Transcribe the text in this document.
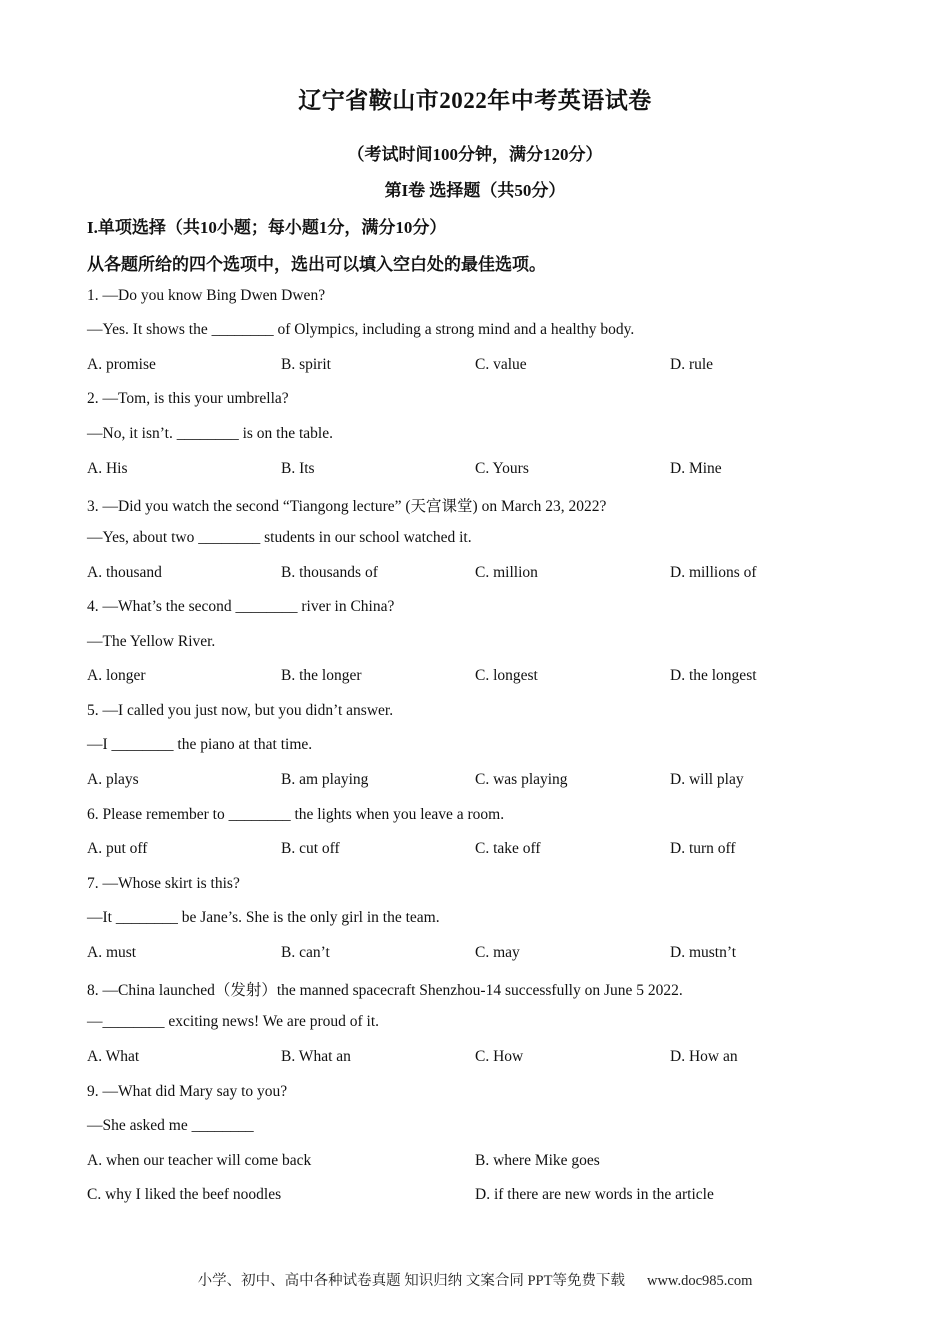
辽宁省鞍山市2022年中考英语试卷
（考试时间100分钟，满分120分）
第I卷 选择题（共50分）
I.单项选择（共10小题；每小题1分，满分10分）
从各题所给的四个选项中，选出可以填入空白处的最佳选项。
1. —Do you know Bing Dwen Dwen?
—Yes. It shows the ________ of Olympics, including a strong mind and a healthy body.
A. promise	B. spirit	C. value	D. rule
2. —Tom, is this your umbrella?
—No, it isn’t. ________ is on the table.
A. His	B. Its	C. Yours	D. Mine
3. —Did you watch the second “Tiangong lecture” (天宫课堂) on March 23, 2022?
—Yes, about two ________ students in our school watched it.
A. thousand	B. thousands of	C. million	D. millions of
4. —What’s the second ________ river in China?
—The Yellow River.
A. longer	B. the longer	C. longest	D. the longest
5. —I called you just now, but you didn’t answer.
—I ________ the piano at that time.
A. plays	B. am playing	C. was playing	D. will play
6. Please remember to ________ the lights when you leave a room.
A. put off	B. cut off	C. take off	D. turn off
7. —Whose skirt is this?
—It ________ be Jane’s. She is the only girl in the team.
A. must	B. can’t	C. may	D. mustn’t
8. —China launched（发射）the manned spacecraft Shenzhou-14 successfully on June 5 2022.
—________ exciting news! We are proud of it.
A. What	B. What an	C. How	D. How an
9. —What did Mary say to you?
—She asked me ________
A. when our teacher will come back	B. where Mike goes
C. why I liked the beef noodles	D. if there are new words in the article
小学、初中、高中各种试卷真题 知识归纳 文案合同 PPT等免费下载 www.doc985.com
